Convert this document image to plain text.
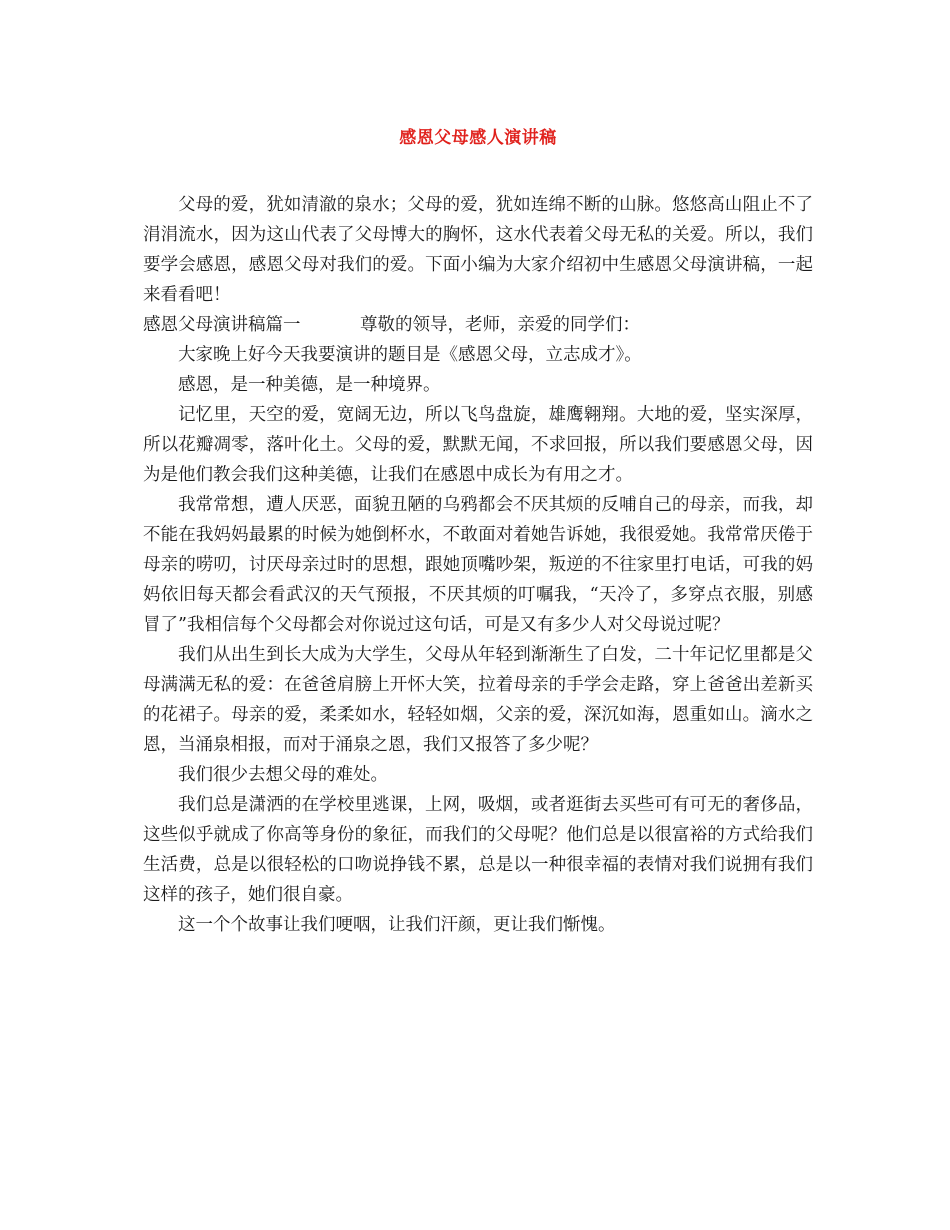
感恩父母感人演讲稿

父母的爱，犹如清澈的泉水；父母的爱，犹如连绵不断的山脉。悠悠高山阻止不了涓涓流水，因为这山代表了父母博大的胸怀，这水代表着父母无私的关爱。所以，我们要学会感恩，感恩父母对我们的爱。下面小编为大家介绍初中生感恩父母演讲稿，一起来看看吧！

感恩父母演讲稿篇一	尊敬的领导，老师，亲爱的同学们：

大家晚上好今天我要演讲的题目是《感恩父母，立志成才》。

感恩，是一种美德，是一种境界。

记忆里，天空的爱，宽阔无边，所以飞鸟盘旋，雄鹰翱翔。大地的爱，坚实深厚，所以花瓣凋零，落叶化土。父母的爱，默默无闻，不求回报，所以我们要感恩父母，因为是他们教会我们这种美德，让我们在感恩中成长为有用之才。

我常常想，遭人厌恶，面貌丑陋的乌鸦都会不厌其烦的反哺自己的母亲，而我，却不能在我妈妈最累的时候为她倒杯水，不敢面对着她告诉她，我很爱她。我常常厌倦于母亲的唠叨，讨厌母亲过时的思想，跟她顶嘴吵架，叛逆的不往家里打电话，可我的妈妈依旧每天都会看武汉的天气预报，不厌其烦的叮嘱我，“天冷了，多穿点衣服，别感冒了”我相信每个父母都会对你说过这句话，可是又有多少人对父母说过呢？

我们从出生到长大成为大学生，父母从年轻到渐渐生了白发，二十年记忆里都是父母满满无私的爱：在爸爸肩膀上开怀大笑，拉着母亲的手学会走路，穿上爸爸出差新买的花裙子。母亲的爱，柔柔如水，轻轻如烟，父亲的爱，深沉如海，恩重如山。滴水之恩，当涌泉相报，而对于涌泉之恩，我们又报答了多少呢？

我们很少去想父母的难处。

我们总是潇洒的在学校里逃课，上网，吸烟，或者逛街去买些可有可无的奢侈品，这些似乎就成了你高等身份的象征，而我们的父母呢？他们总是以很富裕的方式给我们生活费，总是以很轻松的口吻说挣钱不累，总是以一种很幸福的表情对我们说拥有我们这样的孩子，她们很自豪。

这一个个故事让我们哽咽，让我们汗颜，更让我们惭愧。
